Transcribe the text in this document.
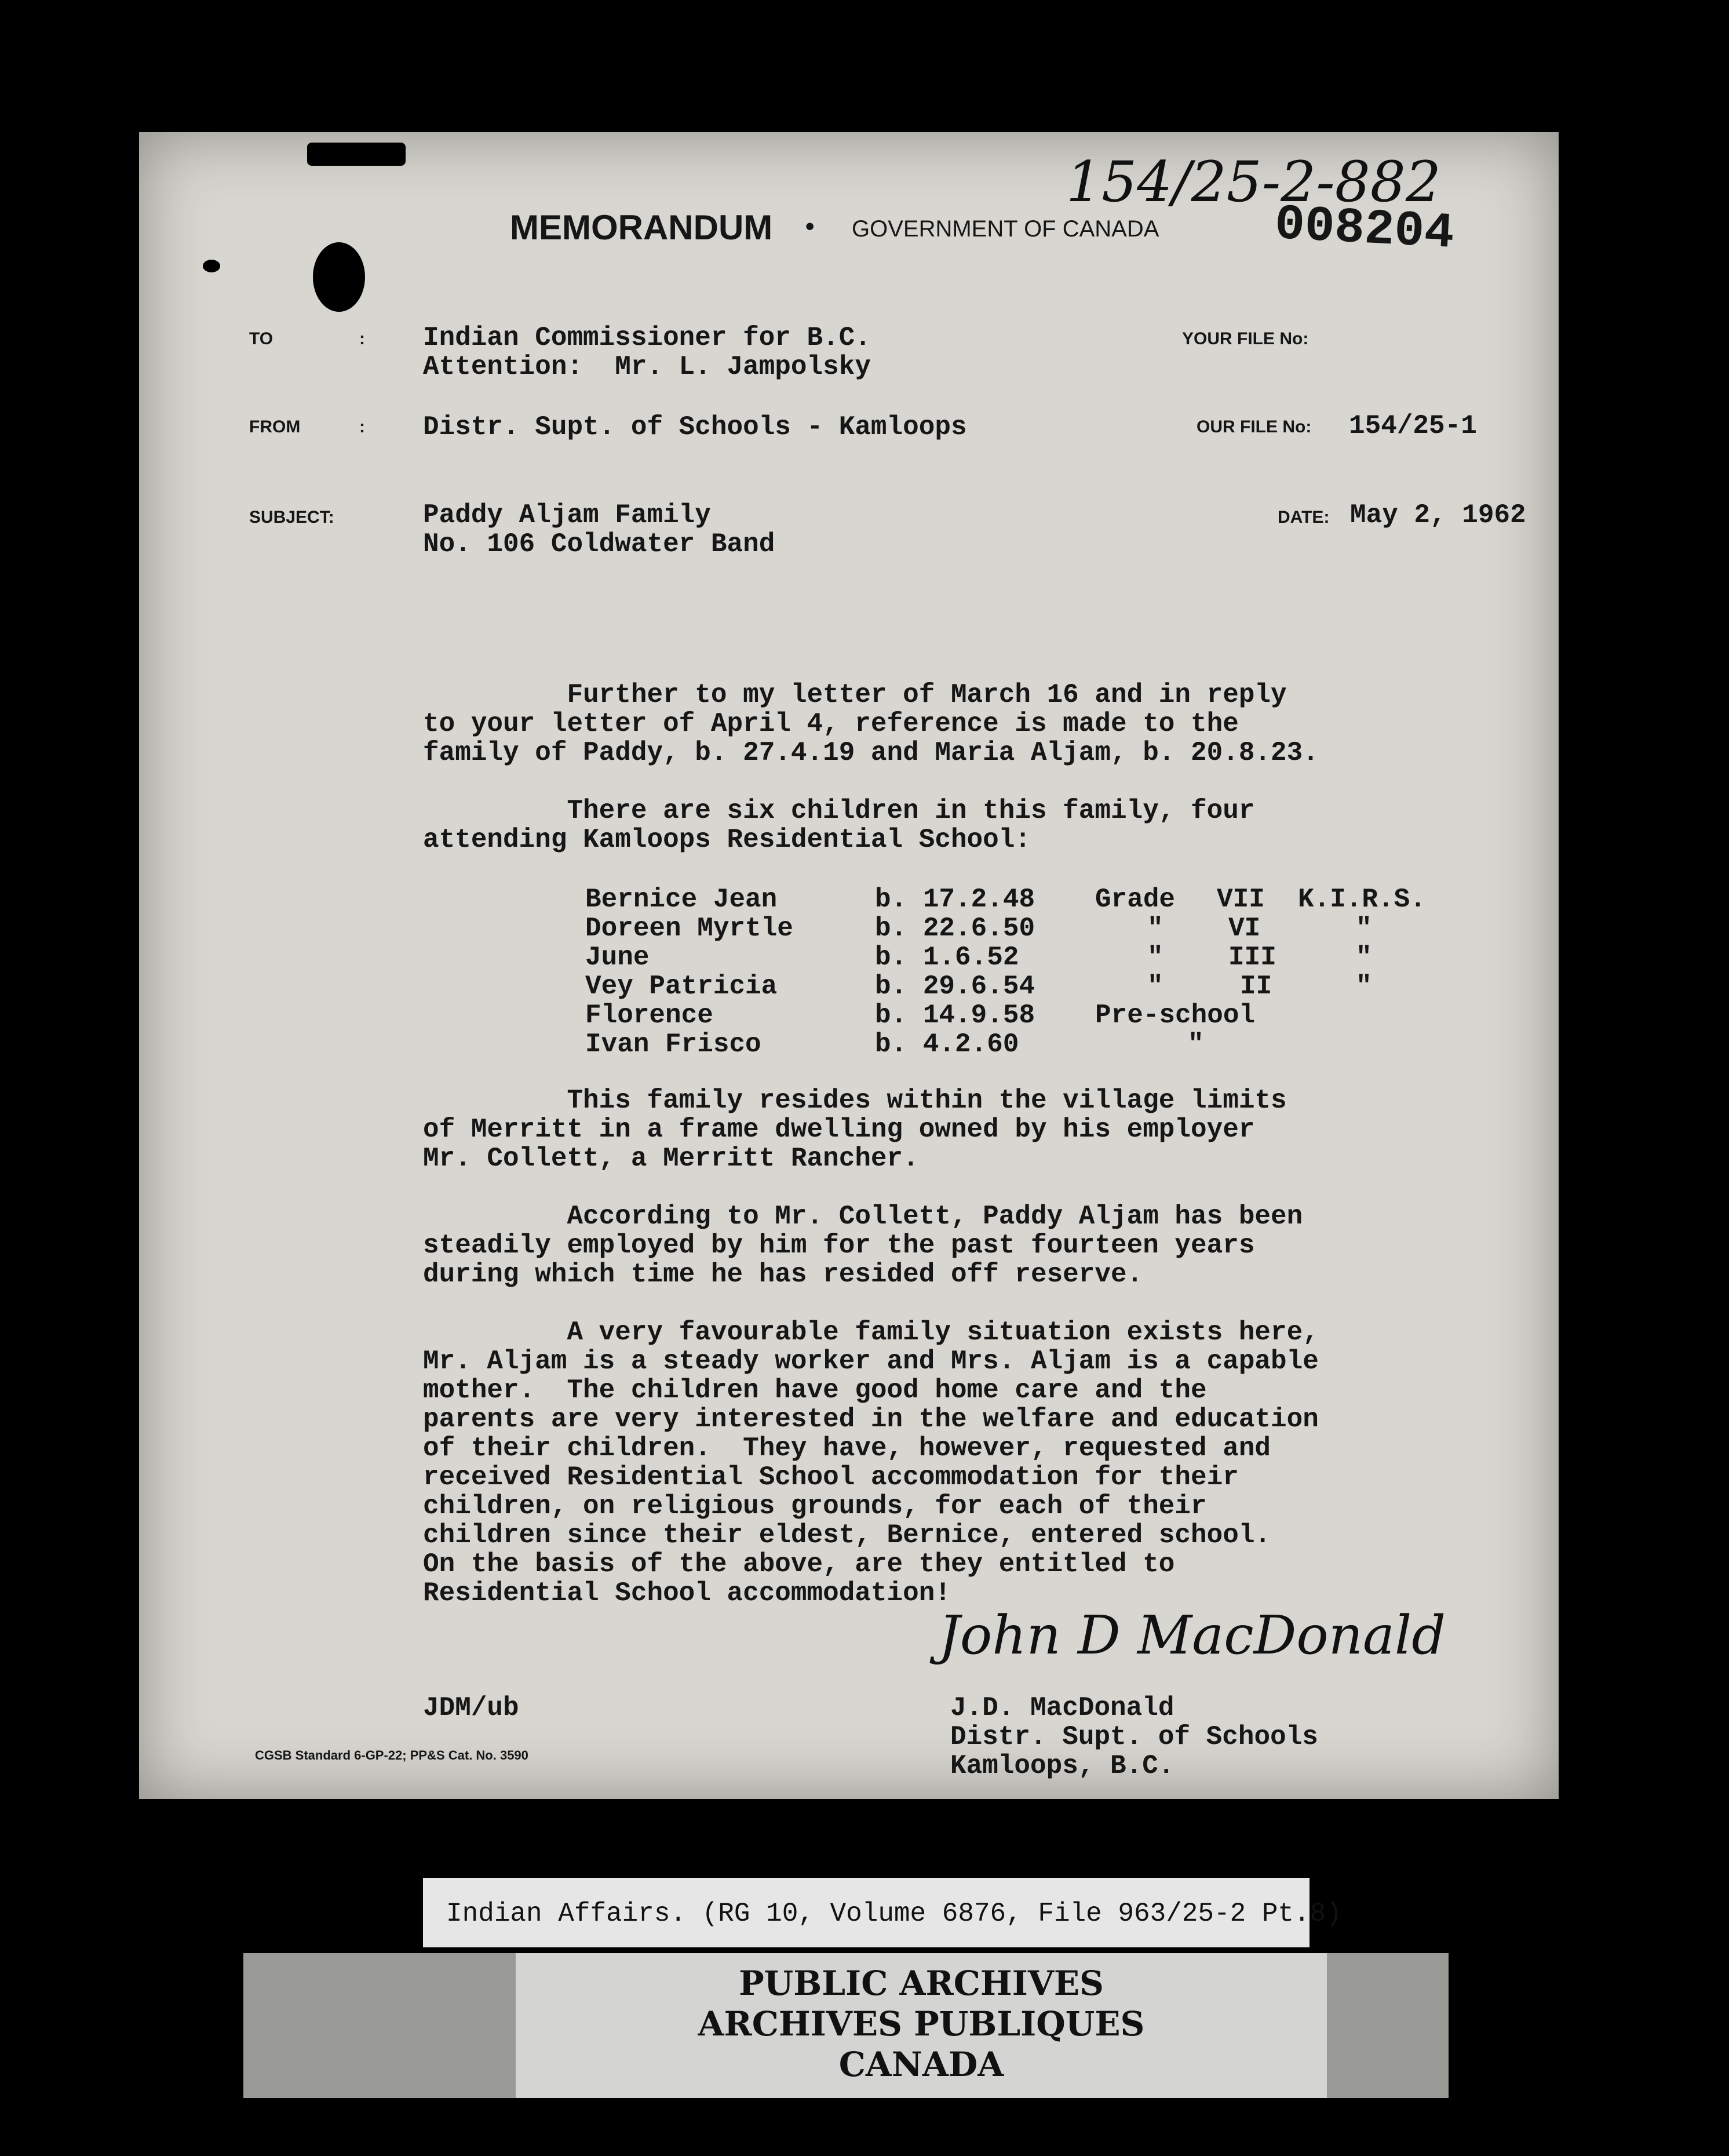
154/25-2-882
MEMORANDUM • GOVERNMENT OF CANADA 008204
TO	: Indian Commissioner for B.C.
Attention:  Mr. L. Jampolsky
YOUR FILE No:
FROM	: Distr. Supt. of Schools - Kamloops	OUR FILE No: 154/25-1
SUBJECT:	Paddy Aljam Family
No. 106 Coldwater Band
DATE: May 2, 1962
Further to my letter of March 16 and in reply
to your letter of April 4, reference is made to the
family of Paddy, b. 27.4.19 and Maria Aljam, b. 20.8.23.
There are six children in this family, four
attending Kamloops Residential School:
Bernice Jean	b. 17.2.48 Grade VII K.I.R.S.
Doreen Myrtle	b. 22.6.50	" VI	"
June	b. 1.6.52	" III	"
Vey Patricia	b. 29.6.54	"	II	"
Florence	b. 14.9.58 Pre-school
Ivan Frisco	b. 4.2.60	"
This family resides within the village limits
of Merritt in a frame dwelling owned by his employer
Mr. Collett, a Merritt Rancher.
According to Mr. Collett, Paddy Aljam has been
steadily employed by him for the past fourteen years
during which time he has resided off reserve.
A very favourable family situation exists here,
Mr. Aljam is a steady worker and Mrs. Aljam is a capable
mother.  The children have good home care and the
parents are very interested in the welfare and education
of their children.  They have, however, requested and
received Residential School accommodation for their
children, on religious grounds, for each of their
children since their eldest, Bernice, entered school.
On the basis of the above, are they entitled to
Residential School accommodation!
John D MacDonald
JDM/ub	J.D. MacDonald
Distr. Supt. of Schools
Kamloops, B.C.
CGSB Standard 6-GP-22; PP&S Cat. No. 3590
Indian Affairs. (RG 10, Volume 6876, File 963/25-2 Pt.8)
PUBLIC ARCHIVES
ARCHIVES PUBLIQUES
CANADA
